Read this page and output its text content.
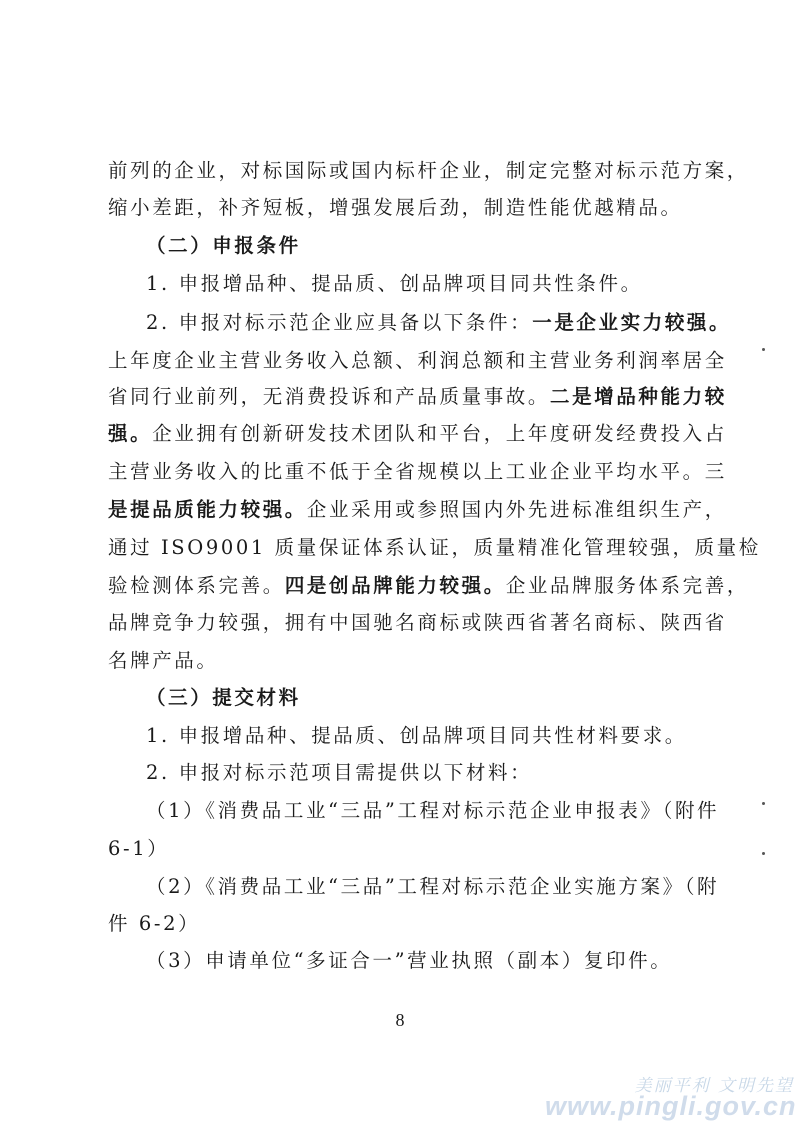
前列的企业，对标国际或国内标杆企业，制定完整对标示范方案，
缩小差距，补齐短板，增强发展后劲，制造性能优越精品。
（二）申报条件
1. 申报增品种、提品质、创品牌项目同共性条件。
2. 申报对标示范企业应具备以下条件：一是企业实力较强。
上年度企业主营业务收入总额、利润总额和主营业务利润率居全
省同行业前列，无消费投诉和产品质量事故。二是增品种能力较
强。企业拥有创新研发技术团队和平台，上年度研发经费投入占
主营业务收入的比重不低于全省规模以上工业企业平均水平。三
是提品质能力较强。企业采用或参照国内外先进标准组织生产，
通过 ISO9001 质量保证体系认证，质量精准化管理较强，质量检
验检测体系完善。四是创品牌能力较强。企业品牌服务体系完善，
品牌竞争力较强，拥有中国驰名商标或陕西省著名商标、陕西省
名牌产品。
（三）提交材料
1. 申报增品种、提品质、创品牌项目同共性材料要求。
2. 申报对标示范项目需提供以下材料：
（1）《消费品工业“三品”工程对标示范企业申报表》（附件
6-1）
（2）《消费品工业“三品”工程对标示范企业实施方案》（附
件 6-2）
（3）申请单位“多证合一”营业执照（副本）复印件。
8
美丽平利 文明先望
www.pingli.gov.cn
